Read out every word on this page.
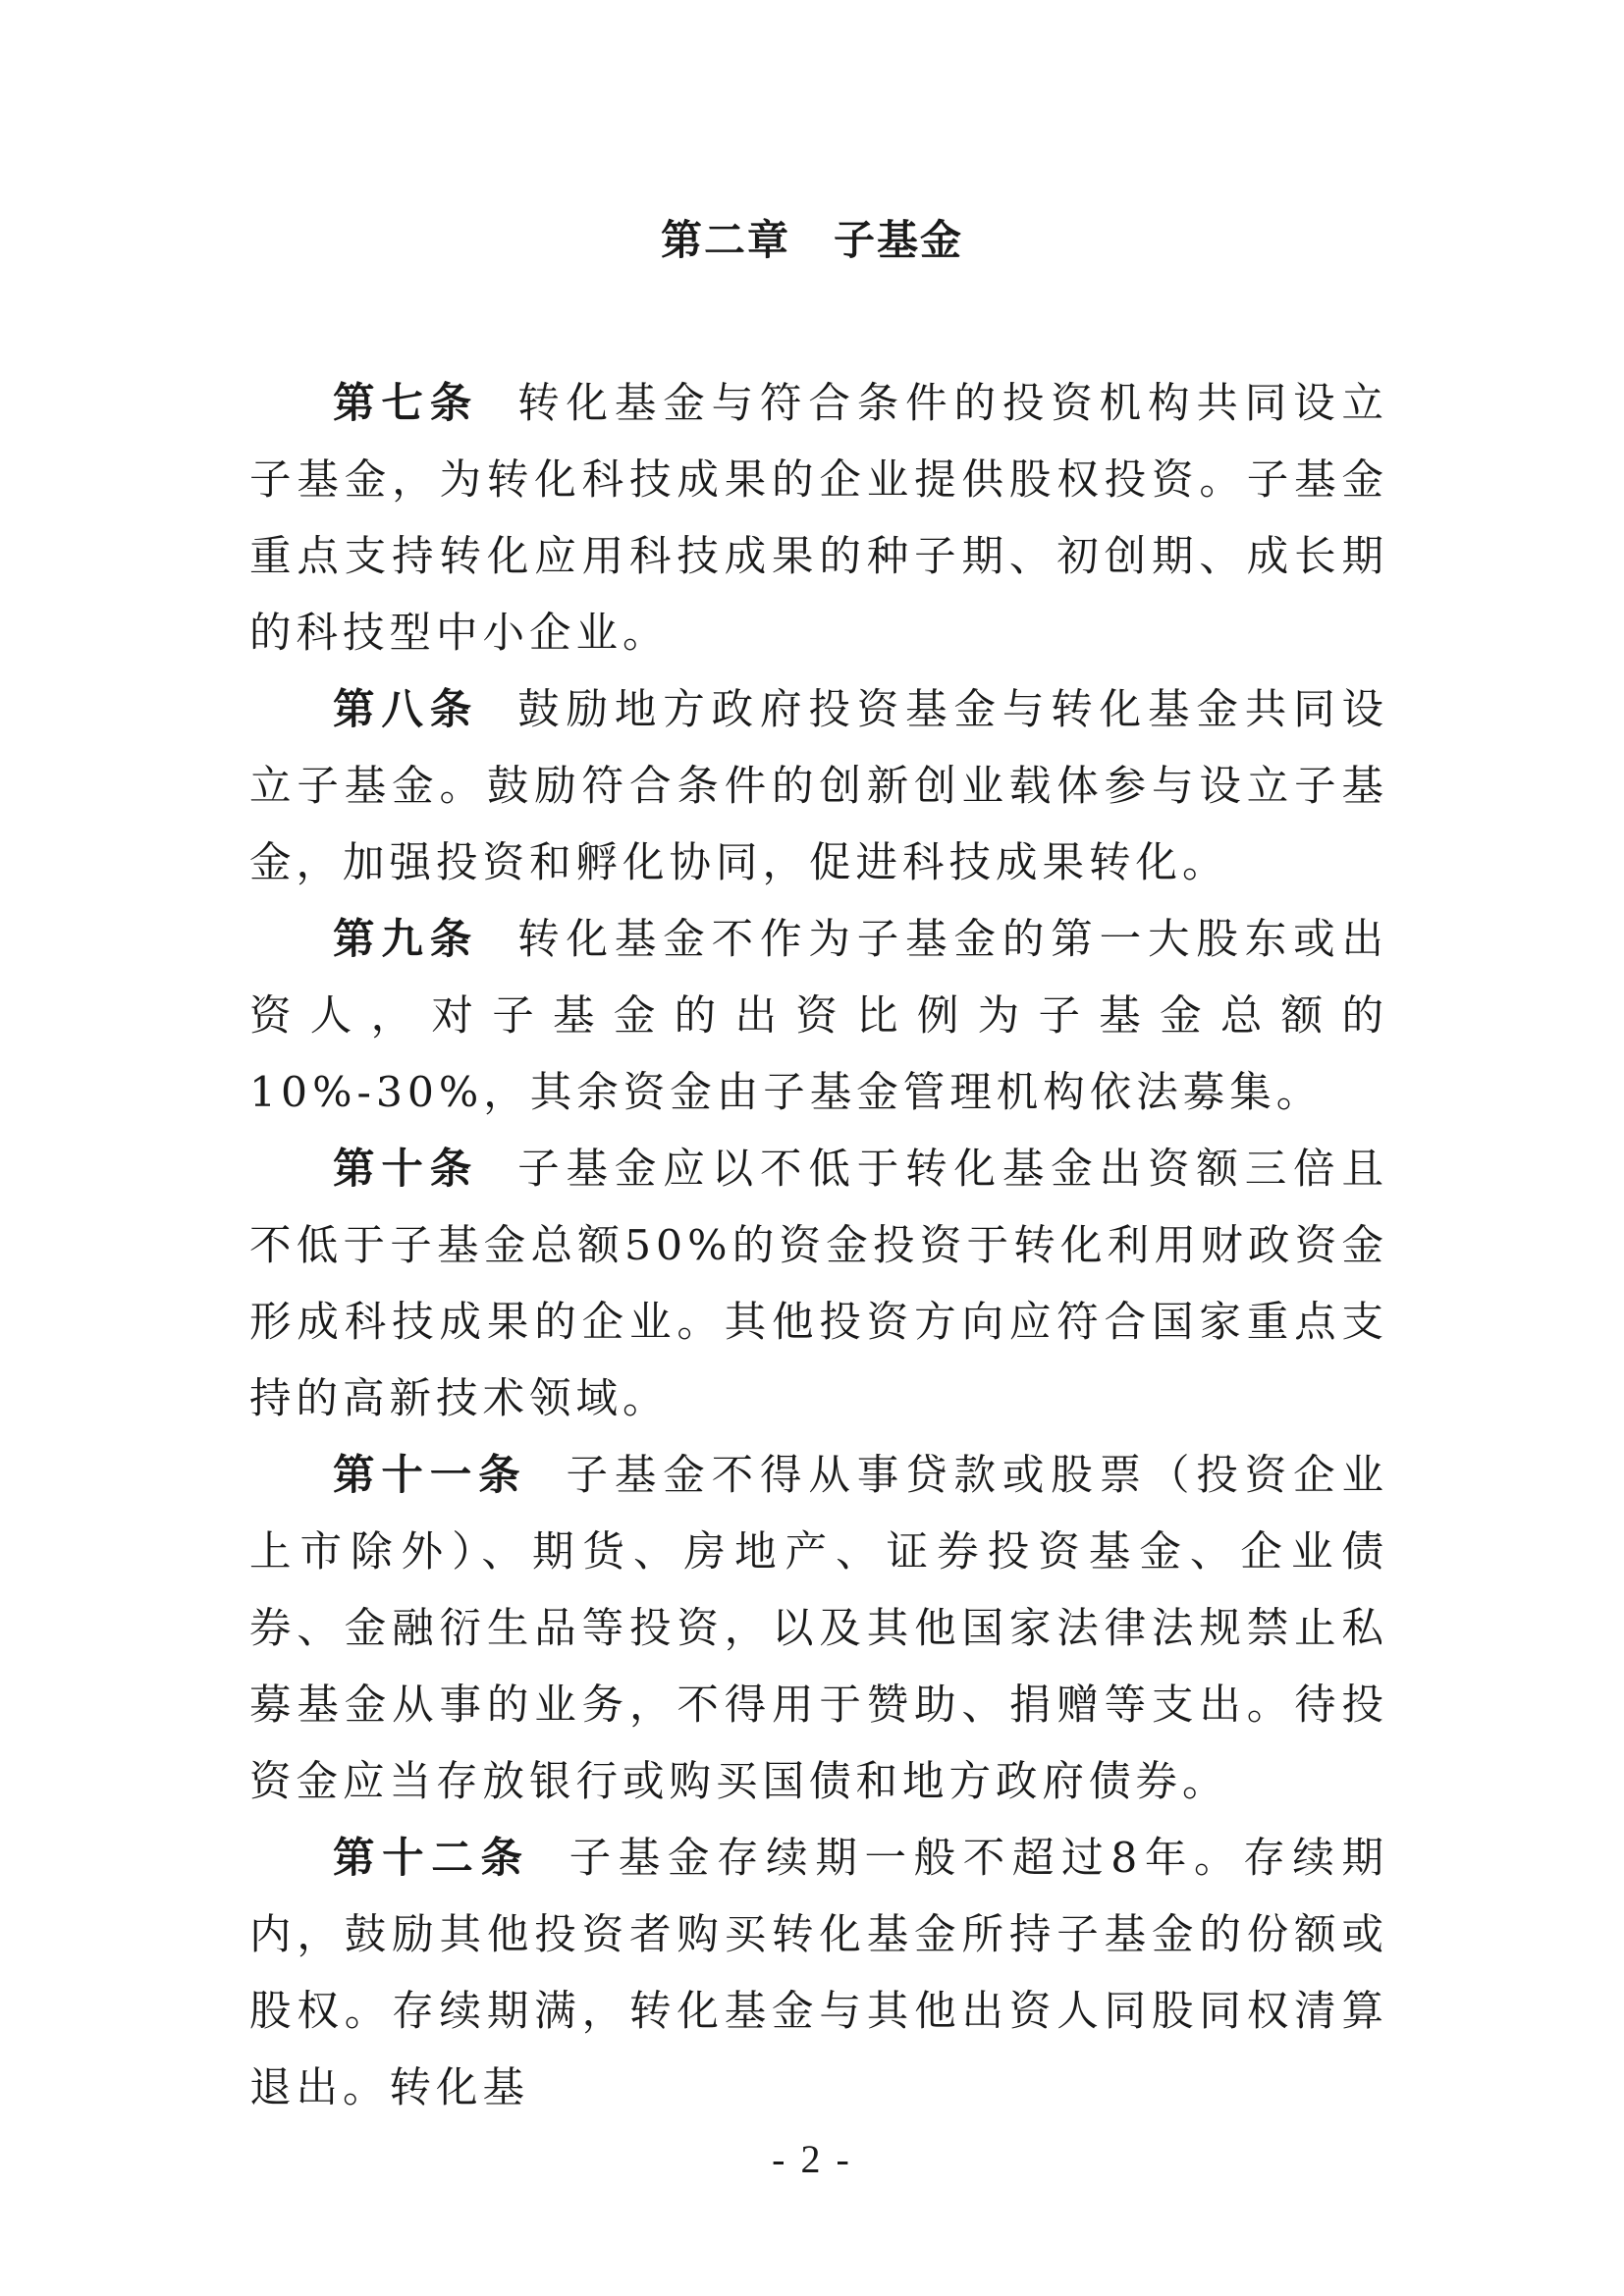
第二章　子基金

第七条 转化基金与符合条件的投资机构共同设立子基金，为转化科技成果的企业提供股权投资。子基金重点支持转化应用科技成果的种子期、初创期、成长期的科技型中小企业。

第八条 鼓励地方政府投资基金与转化基金共同设立子基金。鼓励符合条件的创新创业载体参与设立子基金，加强投资和孵化协同，促进科技成果转化。

第九条 转化基金不作为子基金的第一大股东或出资人，对子基金的出资比例为子基金总额的10%-30%，其余资金由子基金管理机构依法募集。

第十条 子基金应以不低于转化基金出资额三倍且不低于子基金总额50%的资金投资于转化利用财政资金形成科技成果的企业。其他投资方向应符合国家重点支持的高新技术领域。

第十一条 子基金不得从事贷款或股票（投资企业上市除外）、期货、房地产、证券投资基金、企业债券、金融衍生品等投资，以及其他国家法律法规禁止私募基金从事的业务，不得用于赞助、捐赠等支出。待投资金应当存放银行或购买国债和地方政府债券。

第十二条 子基金存续期一般不超过8年。存续期内，鼓励其他投资者购买转化基金所持子基金的份额或股权。存续期满，转化基金与其他出资人同股同权清算退出。转化基

- 2 -
